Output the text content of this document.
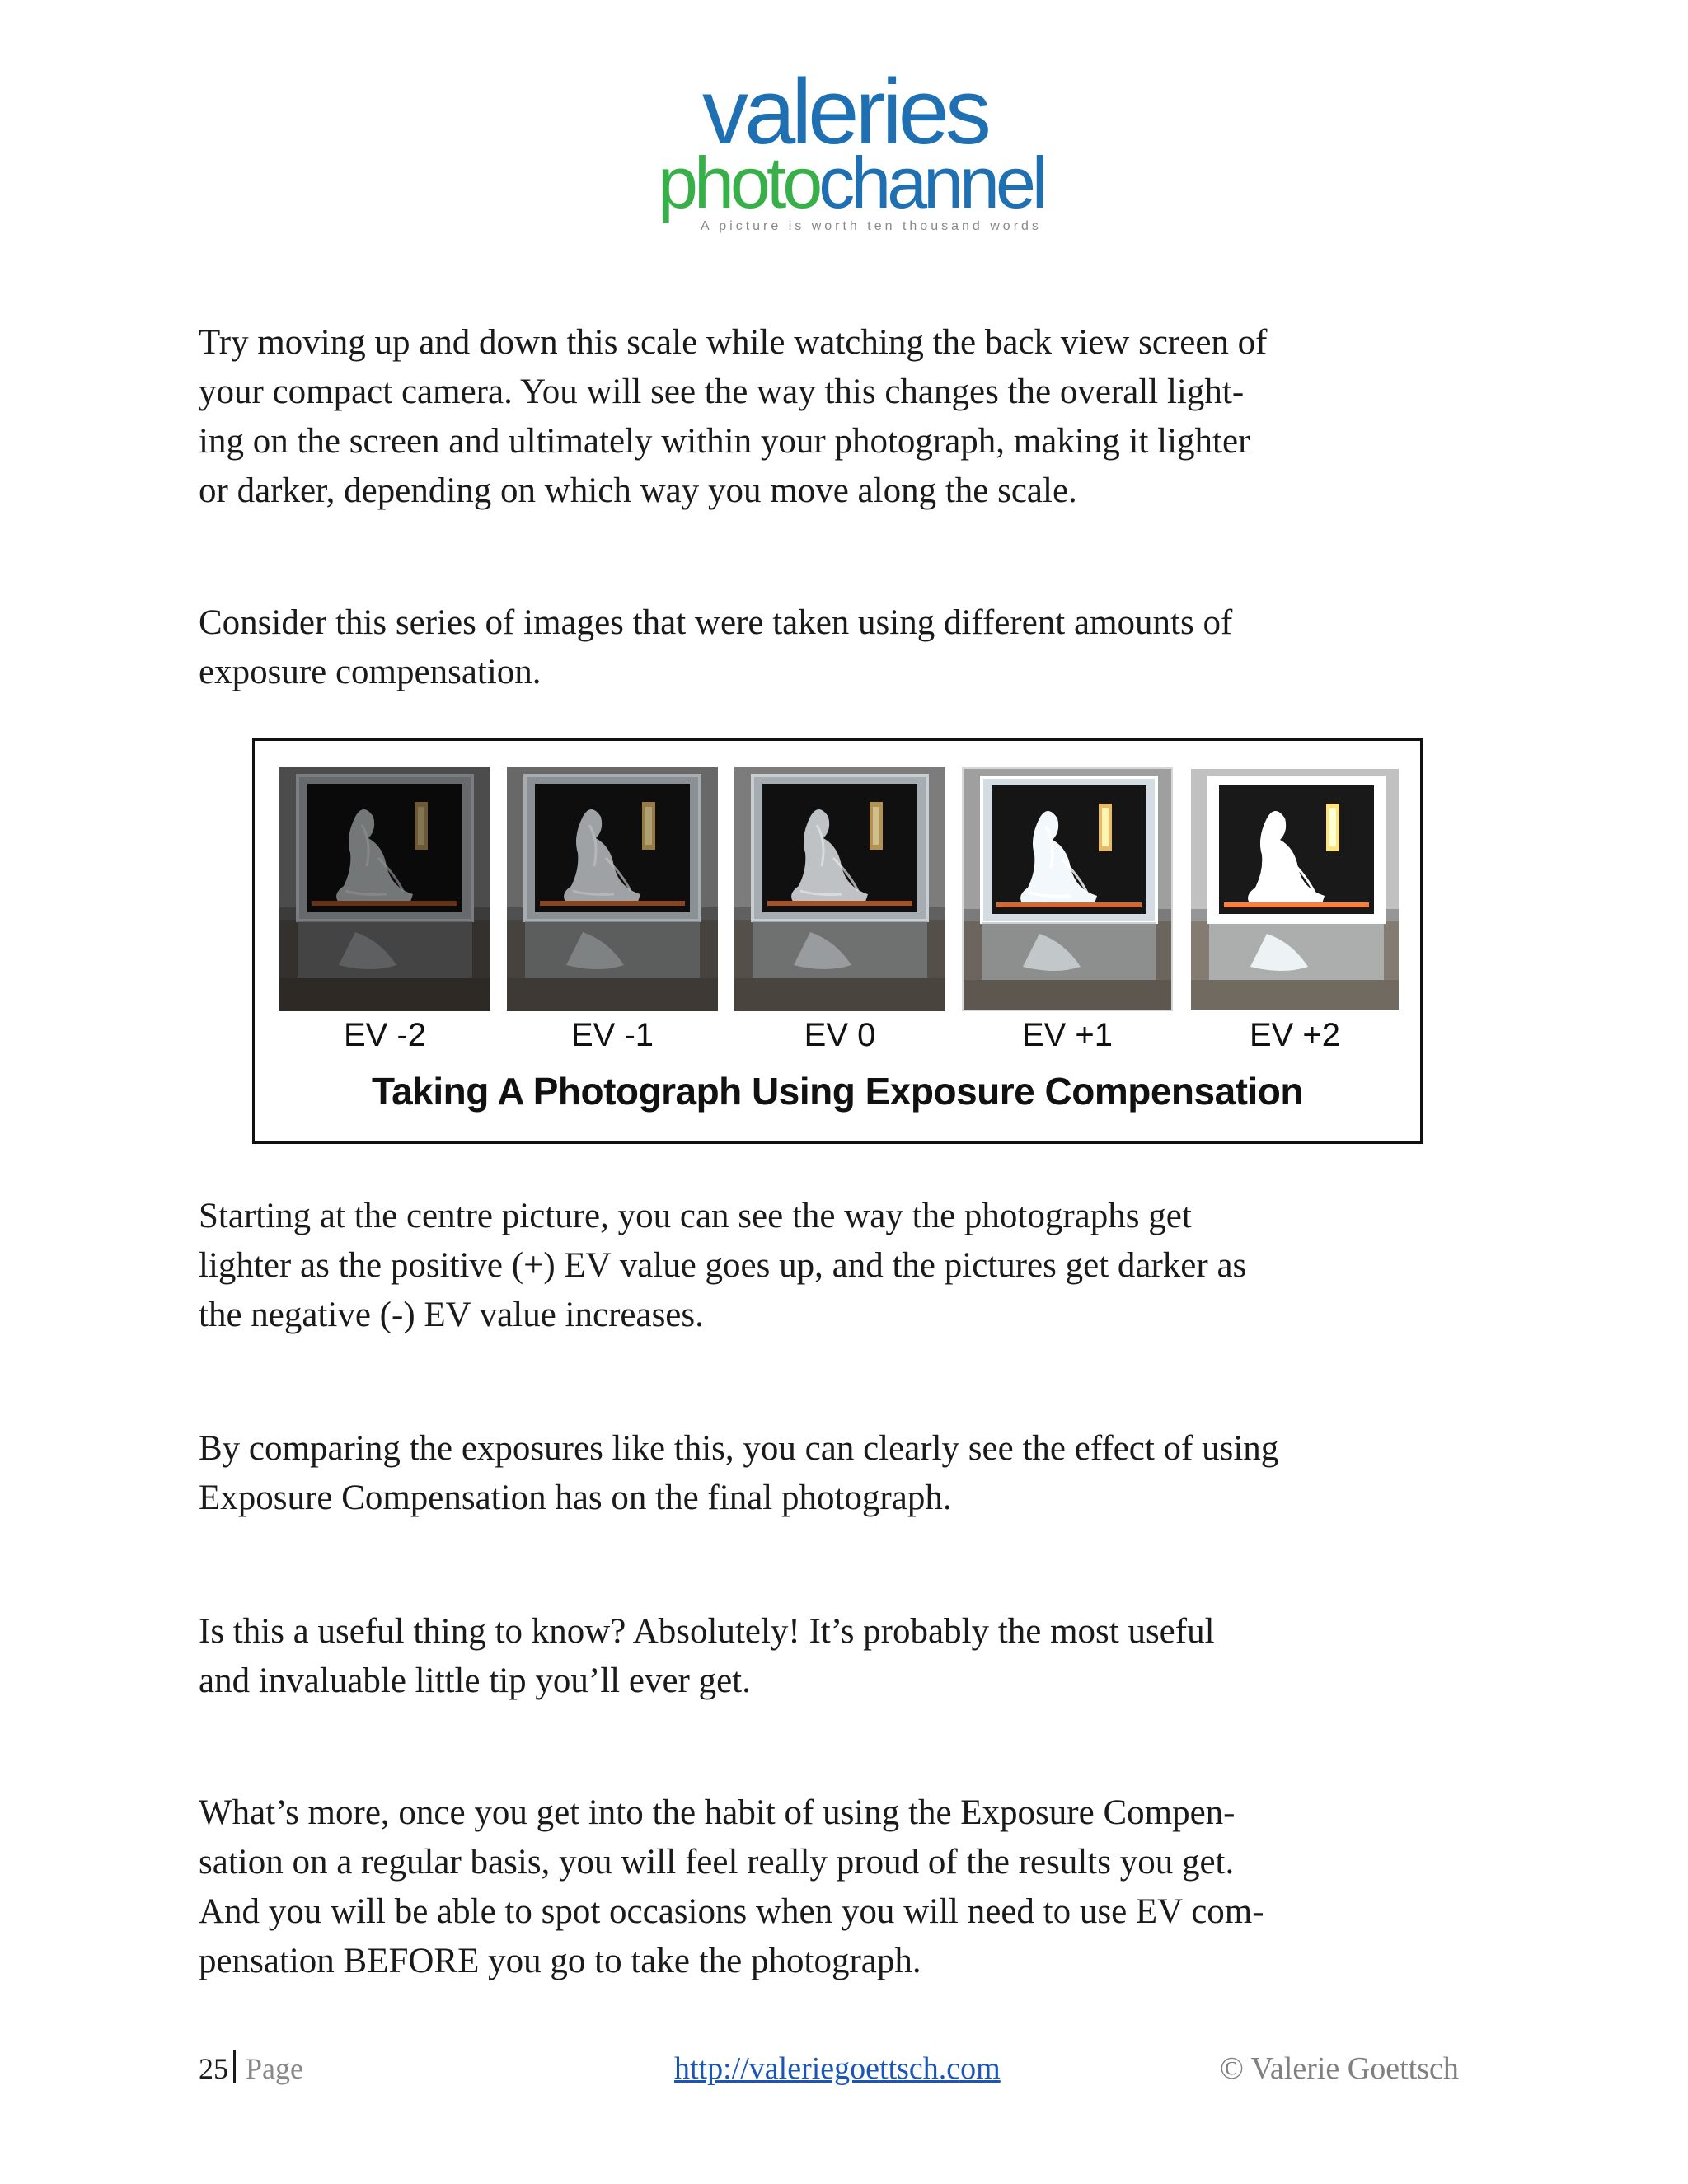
valeries
photochannel
A picture is worth ten thousand words

Try moving up and down this scale while watching the back view screen of
your compact camera. You will see the way this changes the overall light-
ing on the screen and ultimately within your photograph, making it lighter
or darker, depending on which way you move along the scale.

Consider this series of images that were taken using different amounts of
exposure compensation.

Taking A Photograph Using Exposure Compensation
EV -2	EV -1	EV 0	EV +1	EV +2

Starting at the centre picture, you can see the way the photographs get
lighter as the positive (+) EV value goes up, and the pictures get darker as
the negative (-) EV value increases.

By comparing the exposures like this, you can clearly see the effect of using
Exposure Compensation has on the final photograph.

Is this a useful thing to know? Absolutely! It’s probably the most useful
and invaluable little tip you’ll ever get.

What’s more, once you get into the habit of using the Exposure Compen-
sation on a regular basis, you will feel really proud of the results you get.
And you will be able to spot occasions when you will need to use EV com-
pensation BEFORE you go to take the photograph.

25 Page	http://valeriegoettsch.com	© Valerie Goettsch
